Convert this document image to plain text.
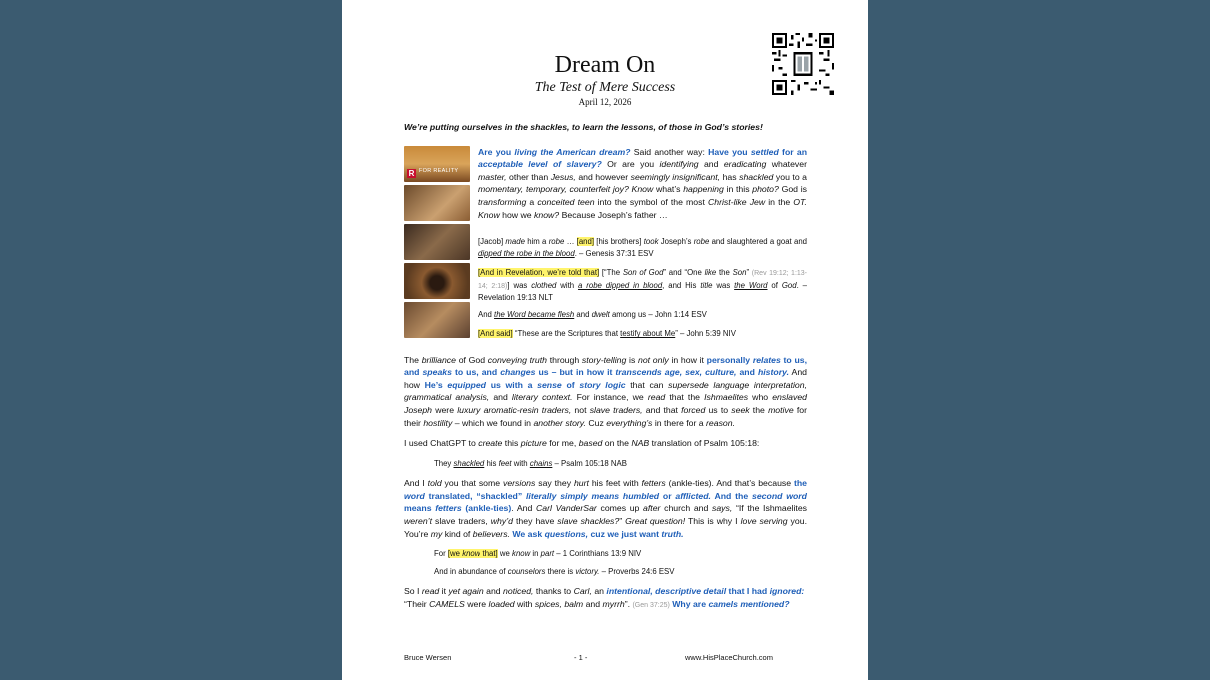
Dream On
The Test of Mere Success
April 12, 2026

We’re putting ourselves in the shackles, to learn the lessons, of those in God’s stories!

R FOR REALITY

Are you living the American dream? Said another way: Have you settled for an acceptable level of slavery? Or are you identifying and eradicating whatever master, other than Jesus, and however seemingly insignificant, has shackled you to a momentary, temporary, counterfeit joy? Know what’s happening in this photo? God is transforming a conceited teen into the symbol of the most Christ-like Jew in the OT. Know how we know? Because Joseph’s father …

[Jacob] made him a robe … [and] [his brothers] took Joseph’s robe and slaughtered a goat and dipped the robe in the blood. – Genesis 37:31 ESV

[And in Revelation, we’re told that] [“The Son of God” and “One like the Son” (Rev 19:12; 1:13-14; 2:18)] was clothed with a robe dipped in blood, and His title was the Word of God. – Revelation 19:13 NLT

And the Word became flesh and dwelt among us – John 1:14 ESV

[And said] “These are the Scriptures that testify about Me” – John 5:39 NIV

The brilliance of God conveying truth through story-telling is not only in how it personally relates to us, and speaks to us, and changes us – but in how it transcends age, sex, culture, and history. And how He’s equipped us with a sense of story logic that can supersede language interpretation, grammatical analysis, and literary context. For instance, we read that the Ishmaelites who enslaved Joseph were luxury aromatic-resin traders, not slave traders, and that forced us to seek the motive for their hostility – which we found in another story. Cuz everything’s in there for a reason.

I used ChatGPT to create this picture for me, based on the NAB translation of Psalm 105:18:

They shackled his feet with chains – Psalm 105:18 NAB

And I told you that some versions say they hurt his feet with fetters (ankle-ties). And that’s because the word translated, “shackled” literally simply means humbled or afflicted. And the second word means fetters (ankle-ties). And Carl VanderSar comes up after church and says, “If the Ishmaelites weren’t slave traders, why’d they have slave shackles?” Great question! This is why I love serving you. You’re my kind of believers. We ask questions, cuz we just want truth.

For [we know that] we know in part – 1 Corinthians 13:9 NIV

And in abundance of counselors there is victory. – Proverbs 24:6 ESV

So I read it yet again and noticed, thanks to Carl, an intentional, descriptive detail that I had ignored: “Their CAMELS were loaded with spices, balm and myrrh”. (Gen 37:25) Why are camels mentioned?

Bruce Wersen	- 1 -	www.HisPlaceChurch.com
